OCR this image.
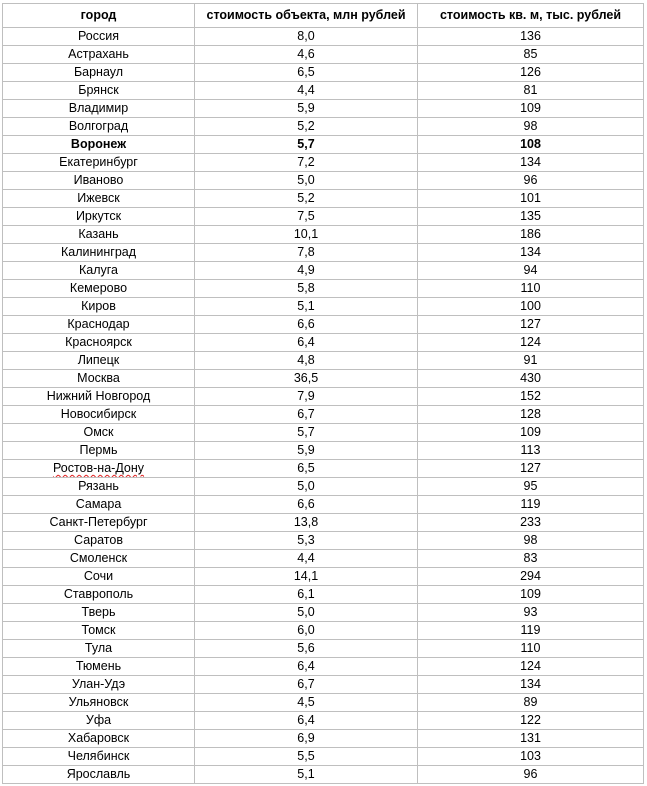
город	стоимость объекта, млн рублей	стоимость кв. м, тыс. рублей
Россия	8,0	136
Астрахань	4,6	85
Барнаул	6,5	126
Брянск	4,4	81
Владимир	5,9	109
Волгоград	5,2	98
Воронеж	5,7	108
Екатеринбург	7,2	134
Иваново	5,0	96
Ижевск	5,2	101
Иркутск	7,5	135
Казань	10,1	186
Калининград	7,8	134
Калуга	4,9	94
Кемерово	5,8	110
Киров	5,1	100
Краснодар	6,6	127
Красноярск	6,4	124
Липецк	4,8	91
Москва	36,5	430
Нижний Новгород	7,9	152
Новосибирск	6,7	128
Омск	5,7	109
Пермь	5,9	113
Ростов-на-Дону	6,5	127
Рязань	5,0	95
Самара	6,6	119
Санкт-Петербург	13,8	233
Саратов	5,3	98
Смоленск	4,4	83
Сочи	14,1	294
Ставрополь	6,1	109
Тверь	5,0	93
Томск	6,0	119
Тула	5,6	110
Тюмень	6,4	124
Улан-Удэ	6,7	134
Ульяновск	4,5	89
Уфа	6,4	122
Хабаровск	6,9	131
Челябинск	5,5	103
Ярославль	5,1	96
